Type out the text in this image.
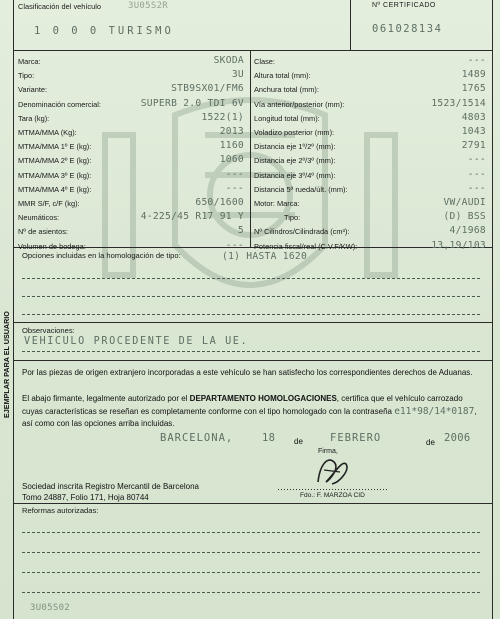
Clasificación del vehículo	3U05S2R
1 0 0 0 TURISMO
Nº CERTIFICADO
061028134
Opciones incluidas en la homologación de tipo:	(1) HASTA 1620
Observaciones:
VEHICULO PROCEDENTE DE LA UE.
Por las piezas de origen extranjero incorporadas a este vehículo se han satisfecho los correspondientes derechos de Aduanas.
El abajo firmante, legalmente autorizado por el DEPARTAMENTO HOMOLOGACIONES, certifica que el vehículo carrozado cuyas características se reseñan es completamente conforme con el tipo homologado con la contraseña e11*98/14*0187, así como con las opciones arriba incluidas.
BARCELONA,	18 de	FEBRERO	de 2006
Firma,
Fdo.: F. MARZOA CID
Sociedad inscrita Registro Mercantil de Barcelona
Tomo 24887, Folio 171, Hoja 80744
Reformas autorizadas:
3U05S02
EJEMPLAR PARA EL USUARIO
Marca:	SKODA
Tipo:	3U
Variante:	STB9SX01/FM6
Denominación comercial:	SUPERB 2.0 TDI 6V
Tara (kg):	1522(1)
MTMA/MMA (Kg):	2013
MTMA/MMA 1º E (kg):	1160
MTMA/MMA 2º E (kg):	1060
MTMA/MMA 3º E (kg):	---
MTMA/MMA 4º E (kg):	---
MMR S/F, c/F (kg):	650/1600
Neumáticos:	4-225/45 R17 91 Y
Nº de asientos:	5
Volumen de bodega:	---
Clase:	---
Altura total (mm):	1489
Anchura total (mm):	1765
Vía anterior/posterior (mm):	1523/1514
Longitud total (mm):	4803
Voladizo posterior (mm):	1043
Distancia eje 1º/2º (mm):	2791
Distancia eje 2º/3º (mm):	---
Distancia eje 3º/4º (mm):	---
Distancia 5ª rueda/últ. (mm):	---
Motor: Marca:	VW/AUDI
Tipo:	(D) BSS
Nº Cilindros/Cilindrada (cm³):	4/1968
Potencia fiscal/real (C.V.F/KW):	13,19/103
